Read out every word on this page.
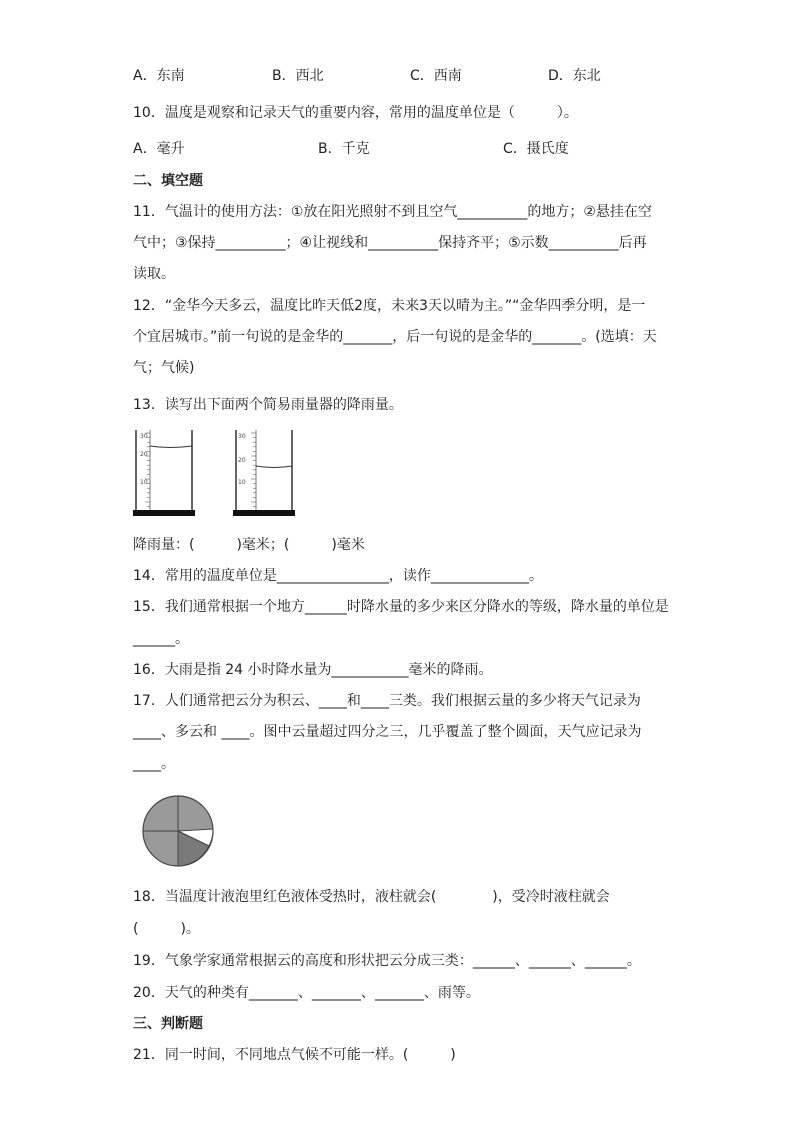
A．东南	B．西北	C．西南	D．东北
10．温度是观察和记录天气的重要内容，常用的温度单位是（　　　）。
A．毫升	B．千克	C．摄氏度
二、填空题
11．气温计的使用方法：①放在阳光照射不到且空气__________的地方；②悬挂在空
气中；③保持__________；④让视线和__________保持齐平；⑤示数__________后再
读取。
12．“金华今天多云，温度比昨天低2度，未来3天以晴为主。”“金华四季分明，是一
个宜居城市。”前一句说的是金华的_______，后一句说的是金华的_______。(选填：天
气；气候)
13．读写出下面两个简易雨量器的降雨量。
30
20
10
30
20
10
降雨量：(　　　)毫米；(　　　)毫米
14．常用的温度单位是________________，读作______________。
15．我们通常根据一个地方______时降水量的多少来区分降水的等级，降水量的单位是
______。
16．大雨是指 24 小时降水量为___________毫米的降雨。
17．人们通常把云分为积云、____和____三类。我们根据云量的多少将天气记录为
____、多云和 ____。图中云量超过四分之三，几乎覆盖了整个圆面，天气应记录为
____。
18．当温度计液泡里红色液体受热时，液柱就会(　　　　)，受冷时液柱就会
(　　　)。
19．气象学家通常根据云的高度和形状把云分成三类：______、______、______。
20．天气的种类有_______、_______、_______、雨等。
三、判断题
21．同一时间，不同地点气候不可能一样。(　　　)
